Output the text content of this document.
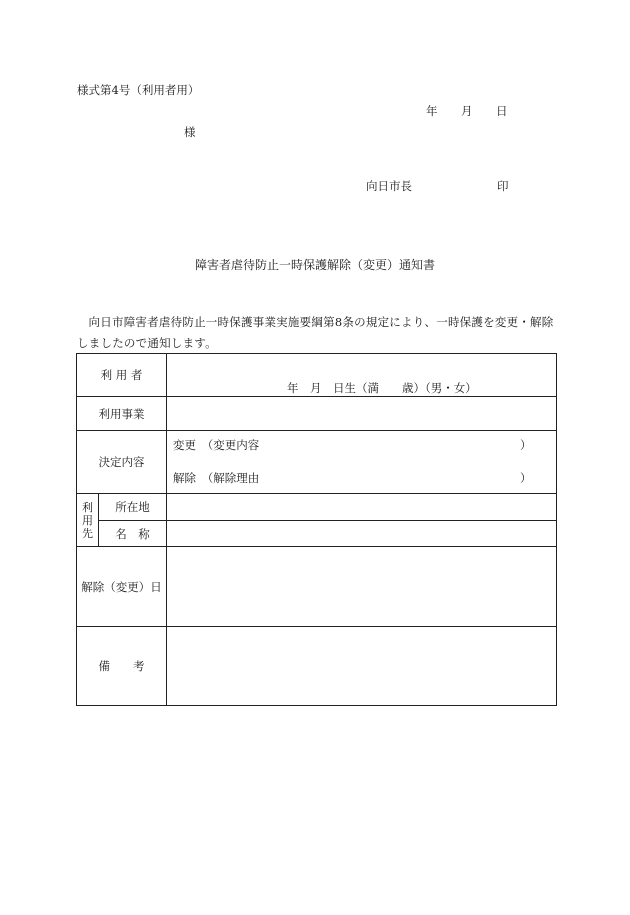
様式第4号（利用者用）
年 月 日
様
向日市長	印
障害者虐待防止一時保護解除（変更）通知書
向日市障害者虐待防止一時保護事業実施要綱第8条の規定により、一時保護を変更・解除しましたので通知します。
利 用 者		年　月　日生（満　　歳）（男・女）

利用事業		
決定内容		変更　（変更内容 ）
解除　（解除理由 ）

利
用
先	所在地	
	名　称	
解除（変更）日		
備　　考		
